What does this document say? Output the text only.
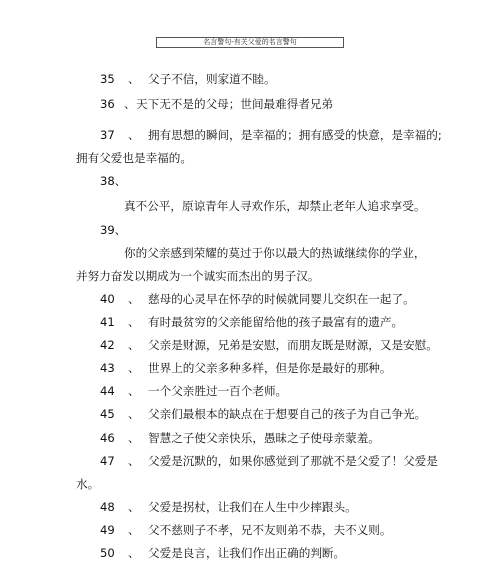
名言警句-有关父爱的名言警句
35 、 父子不信，则家道不睦。
36 、天下无不是的父母；世间最难得者兄弟
37 、 拥有思想的瞬间，是幸福的；拥有感受的快意，是幸福的;
拥有父爱也是幸福的。
38、
真不公平，原谅青年人寻欢作乐，却禁止老年人追求享受。
39、
你的父亲感到荣耀的莫过于你以最大的热诚继续你的学业，
并努力奋发以期成为一个诚实而杰出的男子汉。
40 、 慈母的心灵早在怀孕的时候就同婴儿交织在一起了。
41 、 有时最贫穷的父亲能留给他的孩子最富有的遗产。
42 、 父亲是财源，兄弟是安慰，而朋友既是财源，又是安慰。
43 、 世界上的父亲多种多样，但是你是最好的那种。
44 、 一个父亲胜过一百个老师。
45 、 父亲们最根本的缺点在于想要自己的孩子为自己争光。
46 、 智慧之子使父亲快乐，愚昧之子使母亲蒙羞。
47 、 父爱是沉默的，如果你感觉到了那就不是父爱了！父爱是
水。
48 、 父爱是拐杖，让我们在人生中少摔跟头。
49 、 父不慈则子不孝，兄不友则弟不恭，夫不义则。
50 、 父爱是良言，让我们作出正确的判断。
